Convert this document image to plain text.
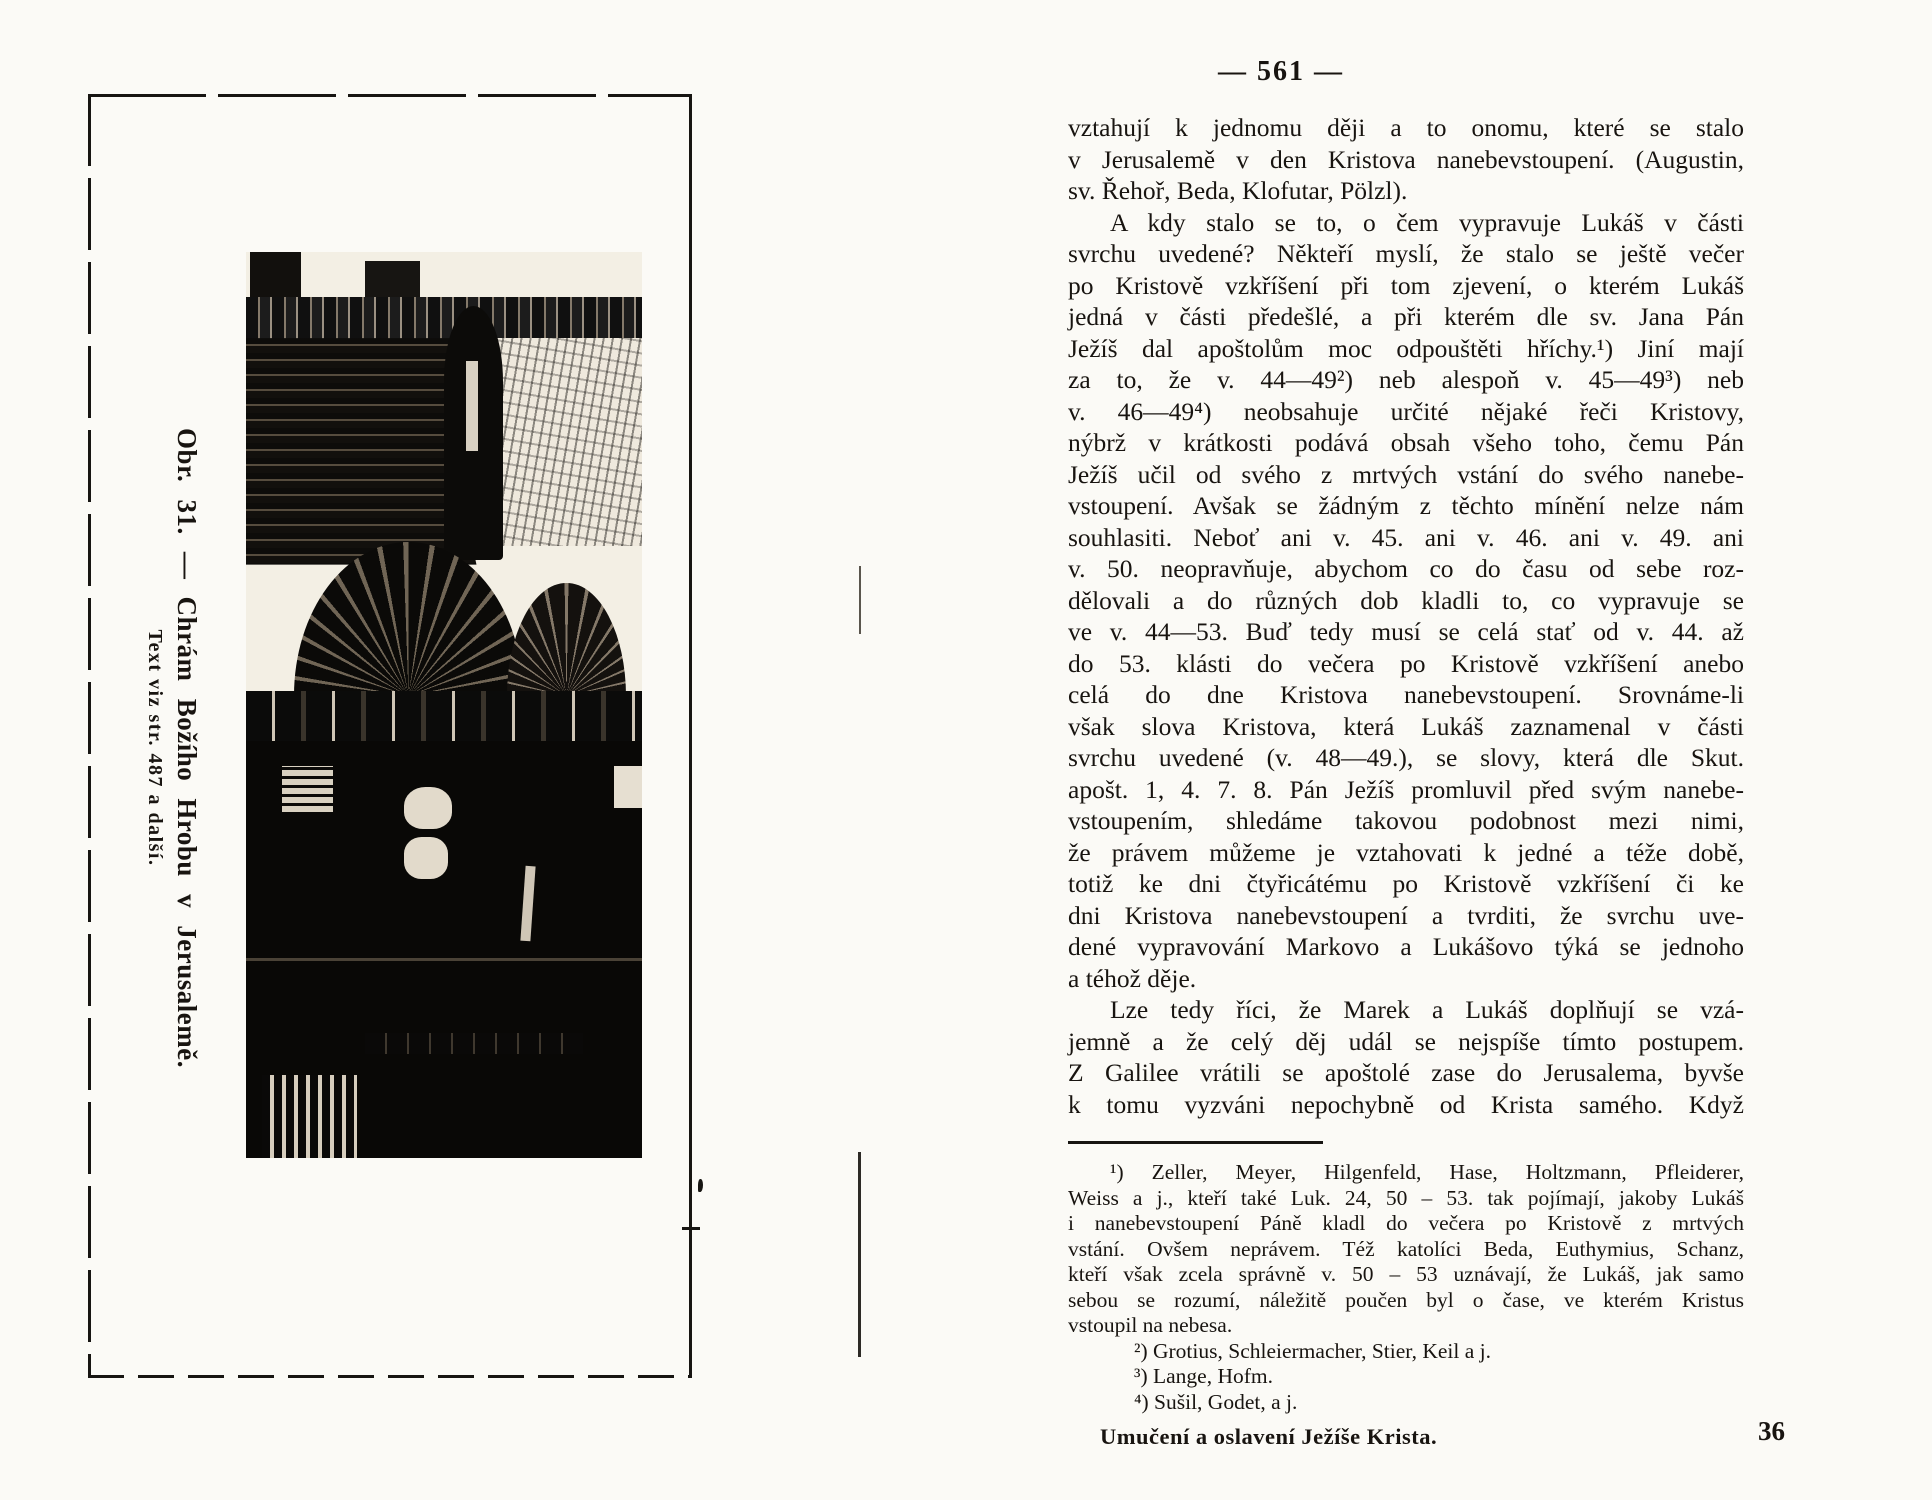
Obr. 31. — Chrám Božího Hrobu v Jerusalemě.
Text viz str. 487 a další.
— 561 —
vztahují k jednomu ději a to onomu, které se stalo
v Jerusalemě v den Kristova nanebevstoupení. (Augustin,
sv. Řehoř, Beda, Klofutar, Pölzl).
A kdy stalo se to, o čem vypravuje Lukáš v části
svrchu uvedené? Někteří myslí, že stalo se ještě večer
po Kristově vzkříšení při tom zjevení, o kterém Lukáš
jedná v části předešlé, a při kterém dle sv. Jana Pán
Ježíš dal apoštolům moc odpouštěti hříchy.¹) Jiní mají
za to, že v. 44—49²) neb alespoň v. 45—49³) neb
v. 46—49⁴) neobsahuje určité nějaké řeči Kristovy,
nýbrž v krátkosti podává obsah všeho toho, čemu Pán
Ježíš učil od svého z mrtvých vstání do svého nanebe-
vstoupení. Avšak se žádným z těchto mínění nelze nám
souhlasiti. Neboť ani v. 45. ani v. 46. ani v. 49. ani
v. 50. neopravňuje, abychom co do času od sebe roz-
dělovali a do různých dob kladli to, co vypravuje se
ve v. 44—53. Buď tedy musí se celá stať od v. 44. až
do 53. klásti do večera po Kristově vzkříšení anebo
celá do dne Kristova nanebevstoupení. Srovnáme-li
však slova Kristova, která Lukáš zaznamenal v části
svrchu uvedené (v. 48—49.), se slovy, která dle Skut.
apošt. 1, 4. 7. 8. Pán Ježíš promluvil před svým nanebe-
vstoupením, shledáme takovou podobnost mezi nimi,
že právem můžeme je vztahovati k jedné a téže době,
totiž ke dni čtyřicátému po Kristově vzkříšení či ke
dni Kristova nanebevstoupení a tvrditi, že svrchu uve-
dené vypravování Markovo a Lukášovo týká se jednoho
a téhož děje.
Lze tedy říci, že Marek a Lukáš doplňují se vzá-
jemně a že celý děj udál se nejspíše tímto postupem.
Z Galilee vrátili se apoštolé zase do Jerusalema, byvše
k tomu vyzváni nepochybně od Krista samého. Když
¹) Zeller, Meyer, Hilgenfeld, Hase, Holtzmann, Pfleiderer,
Weiss a j., kteří také Luk. 24, 50 – 53. tak pojímají, jakoby Lukáš
i nanebevstoupení Páně kladl do večera po Kristově z mrtvých
vstání. Ovšem neprávem. Též katolíci Beda, Euthymius, Schanz,
kteří však zcela správně v. 50 – 53 uznávají, že Lukáš, jak samo
sebou se rozumí, náležitě poučen byl o čase, ve kterém Kristus
vstoupil na nebesa.
²) Grotius, Schleiermacher, Stier, Keil a j.
³) Lange, Hofm.
⁴) Sušil, Godet, a j.
Umučení a oslavení Ježíše Krista.	36
